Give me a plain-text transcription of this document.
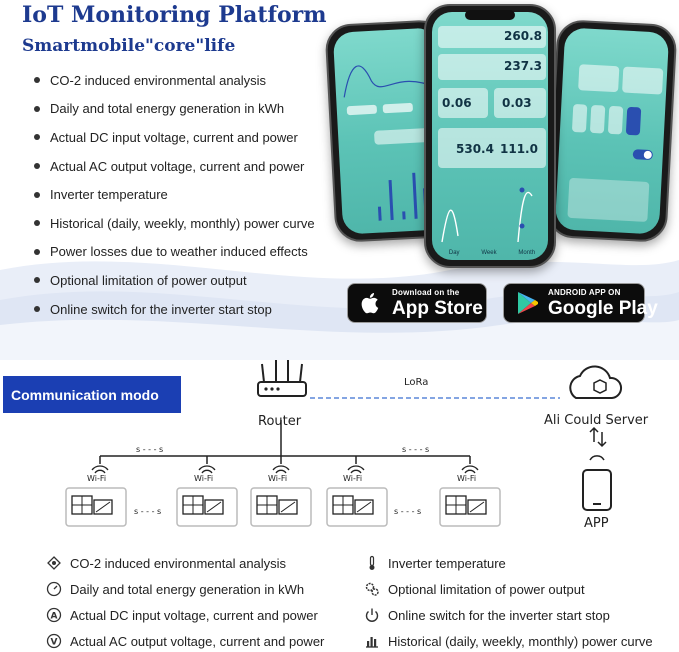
IoT Monitoring Platform
Smartmobile"core"life
CO-2 induced environmental analysis
Daily and total energy generation in kWh
Actual DC input voltage, current and power
Actual AC output voltage, current and power
Inverter temperature
Historical (daily, weekly, monthly) power curve
Power losses due to weather induced effects
Optional limitation of power output
Online switch for the inverter start stop
260.8
237.3
0.06	0.03
530.4 111.0
Day	Week	Month
Download on the
App Store
ANDROID APP ON
Google Play
Communication modo
s - - - s	s - - - s
s - - - s	s - - - s
Router
LoRa
Ali Could Server
APP
Wi-Fi	Wi-Fi	Wi-Fi	Wi-Fi	Wi-Fi
CO-2 induced environmental analysis
Daily and total energy generation in kWh
A Actual DC input voltage, current and power
V Actual AC output voltage, current and power
Inverter temperature
Optional limitation of power output
Online switch for the inverter start stop
Historical (daily, weekly, monthly) power curve
